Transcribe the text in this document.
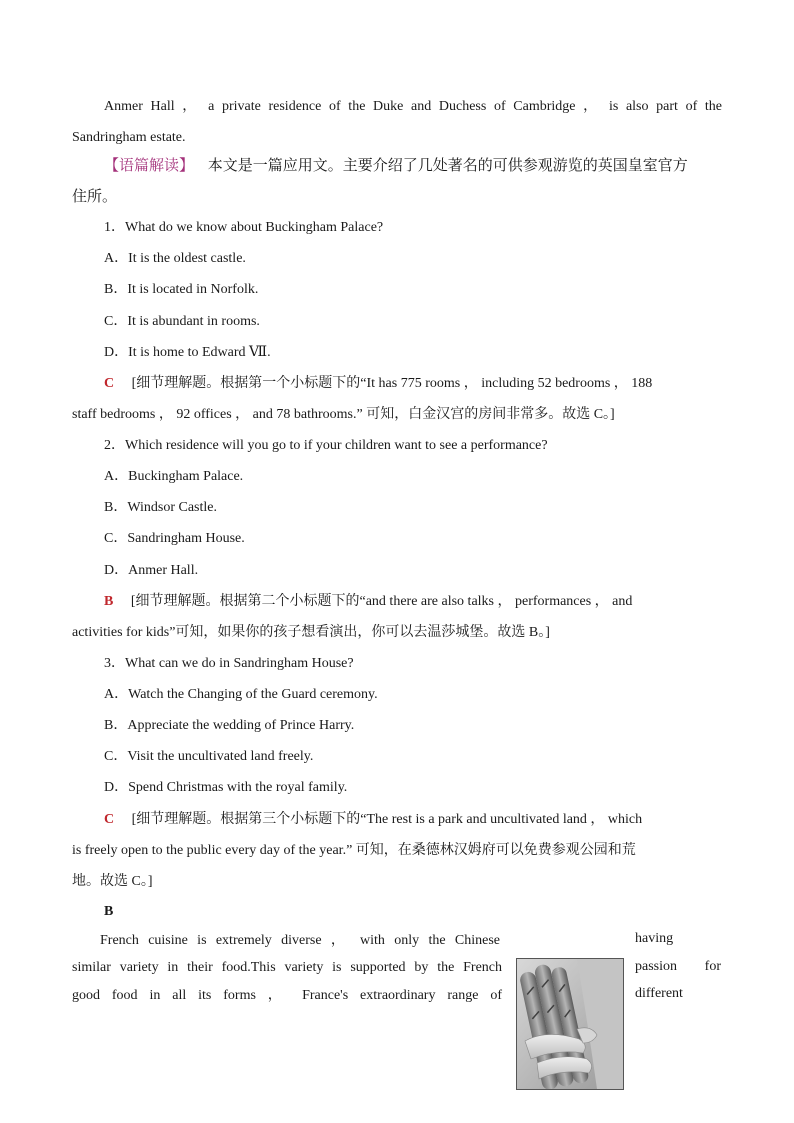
Anmer Hall ， a private residence of the Duke and Duchess of Cambridge ， is also part of the
Sandringham estate.
【语篇解读】 本文是一篇应用文。主要介绍了几处著名的可供参观游览的英国皇室官方
住所。
1．What do we know about Buckingham Palace?
A．It is the oldest castle.
B．It is located in Norfolk.
C．It is abundant in rooms.
D．It is home to Edward Ⅶ.
C [细节理解题。根据第一个小标题下的“It has 775 rooms ， including 52 bedrooms ， 188
staff bedrooms ， 92 offices ， and 78 bathrooms.” 可知，白金汉宫的房间非常多。故选 C。]
2．Which residence will you go to if your children want to see a performance?
A．Buckingham Palace.
B．Windsor Castle.
C．Sandringham House.
D．Anmer Hall.
B [细节理解题。根据第二个小标题下的“and there are also talks ， performances ， and
activities for kids”可知，如果你的孩子想看演出，你可以去温莎城堡。故选 B。]
3．What can we do in Sandringham House?
A．Watch the Changing of the Guard ceremony.
B．Appreciate the wedding of Prince Harry.
C．Visit the uncultivated land freely.
D．Spend Christmas with the royal family.
C [细节理解题。根据第三个小标题下的“The rest is a park and uncultivated land ， which
is freely open to the public every day of the year.” 可知，在桑德林汉姆府可以免费参观公园和荒
地。故选 C。]
B
French cuisine is extremely diverse ， with only the Chinese
similar variety in their food.This variety is supported by the French
good food in all its forms ， France's extraordinary range of
having
passion for
different
